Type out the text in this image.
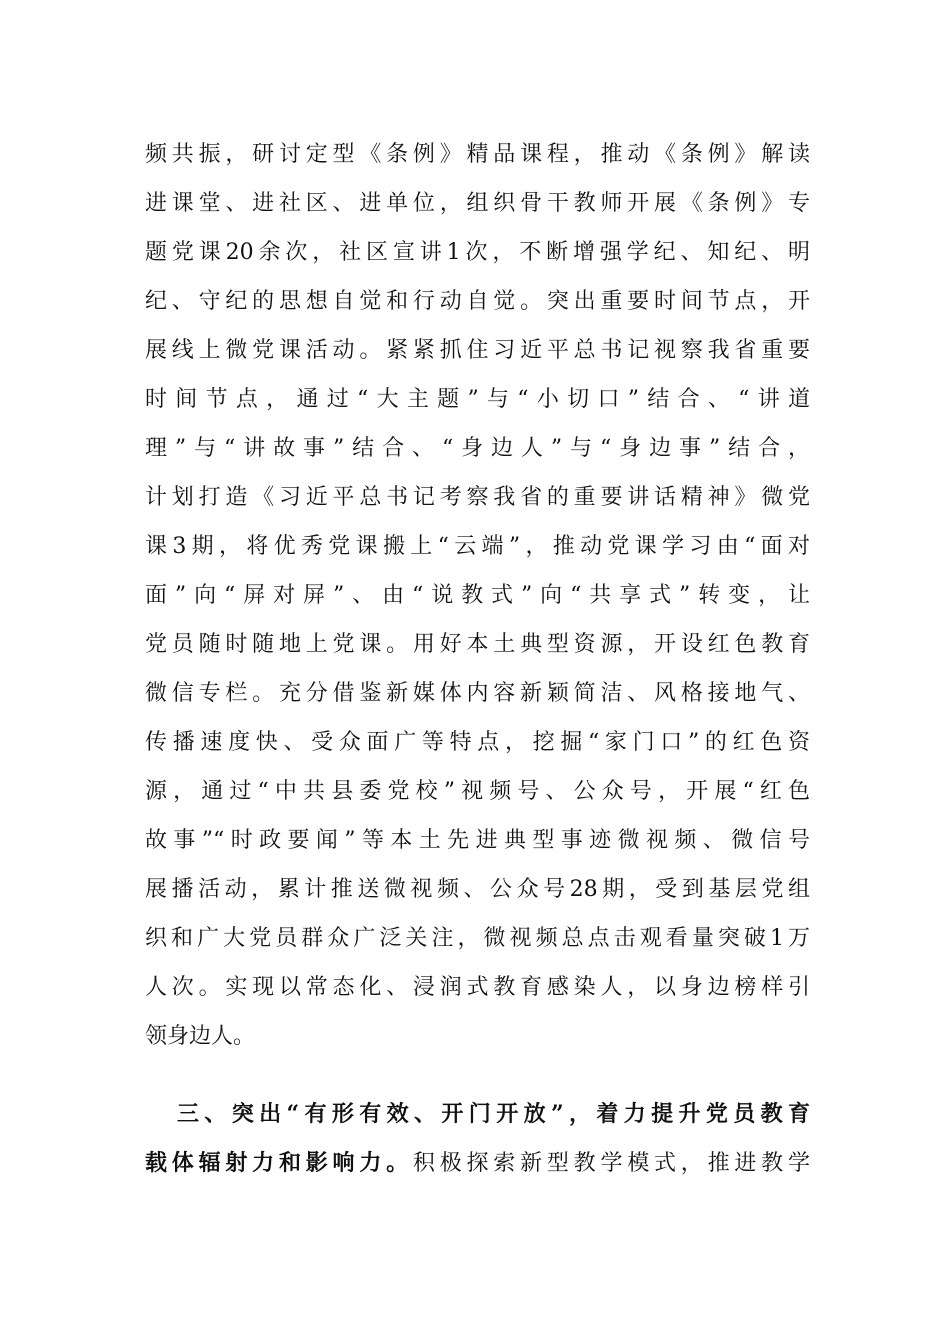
频共振，研讨定型《条例》精品课程，推动《条例》解读
进课堂、进社区、进单位，组织骨干教师开展《条例》专
题党课20余次，社区宣讲1次，不断增强学纪、知纪、明
纪、守纪的思想自觉和行动自觉。突出重要时间节点，开
展线上微党课活动。紧紧抓住习近平总书记视察我省重要
时间节点，通过“大主题”与“小切口”结合、“讲道
理”与“讲故事”结合、“身边人”与“身边事”结合，
计划打造《习近平总书记考察我省的重要讲话精神》微党
课3期，将优秀党课搬上“云端”，推动党课学习由“面对
面”向“屏对屏”、由“说教式”向“共享式”转变，让
党员随时随地上党课。用好本土典型资源，开设红色教育
微信专栏。充分借鉴新媒体内容新颖简洁、风格接地气、
传播速度快、受众面广等特点，挖掘“家门口”的红色资
源，通过“中共县委党校”视频号、公众号，开展“红色
故事”“时政要闻”等本土先进典型事迹微视频、微信号
展播活动，累计推送微视频、公众号28期，受到基层党组
织和广大党员群众广泛关注，微视频总点击观看量突破1万
人次。实现以常态化、浸润式教育感染人，以身边榜样引
领身边人。
三、突出“有形有效、开门开放”，着力提升党员教育
载体辐射力和影响力。积极探索新型教学模式，推进教学
